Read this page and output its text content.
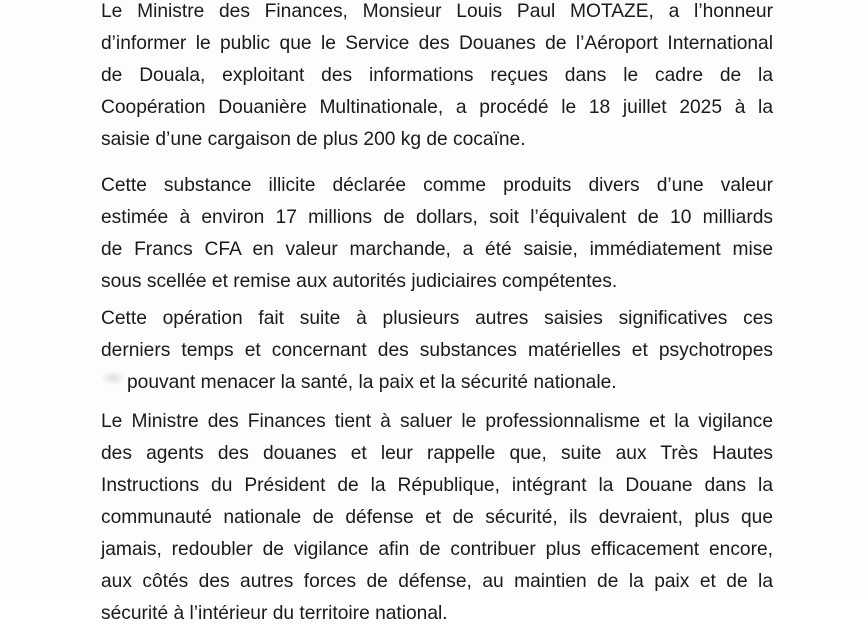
Le Ministre des Finances, Monsieur Louis Paul MOTAZE, a l’honneur
d’informer le public que le Service des Douanes de l’Aéroport International
de Douala, exploitant des informations reçues dans le cadre de la
Coopération Douanière Multinationale, a procédé le 18 juillet 2025 à la
saisie d’une cargaison de plus 200 kg de cocaïne.
Cette substance illicite déclarée comme produits divers d’une valeur
estimée à environ 17 millions de dollars, soit l’équivalent de 10 milliards
de Francs CFA en valeur marchande, a été saisie, immédiatement mise
sous scellée et remise aux autorités judiciaires compétentes.
Cette opération fait suite à plusieurs autres saisies significatives ces
derniers temps et concernant des substances matérielles et psychotropes
pouvant menacer la santé, la paix et la sécurité nationale.
Le Ministre des Finances tient à saluer le professionnalisme et la vigilance
des agents des douanes et leur rappelle que, suite aux Très Hautes
Instructions du Président de la République, intégrant la Douane dans la
communauté nationale de défense et de sécurité, ils devraient, plus que
jamais, redoubler de vigilance afin de contribuer plus efficacement encore,
aux côtés des autres forces de défense, au maintien de la paix et de la
sécurité à l’intérieur du territoire national.
